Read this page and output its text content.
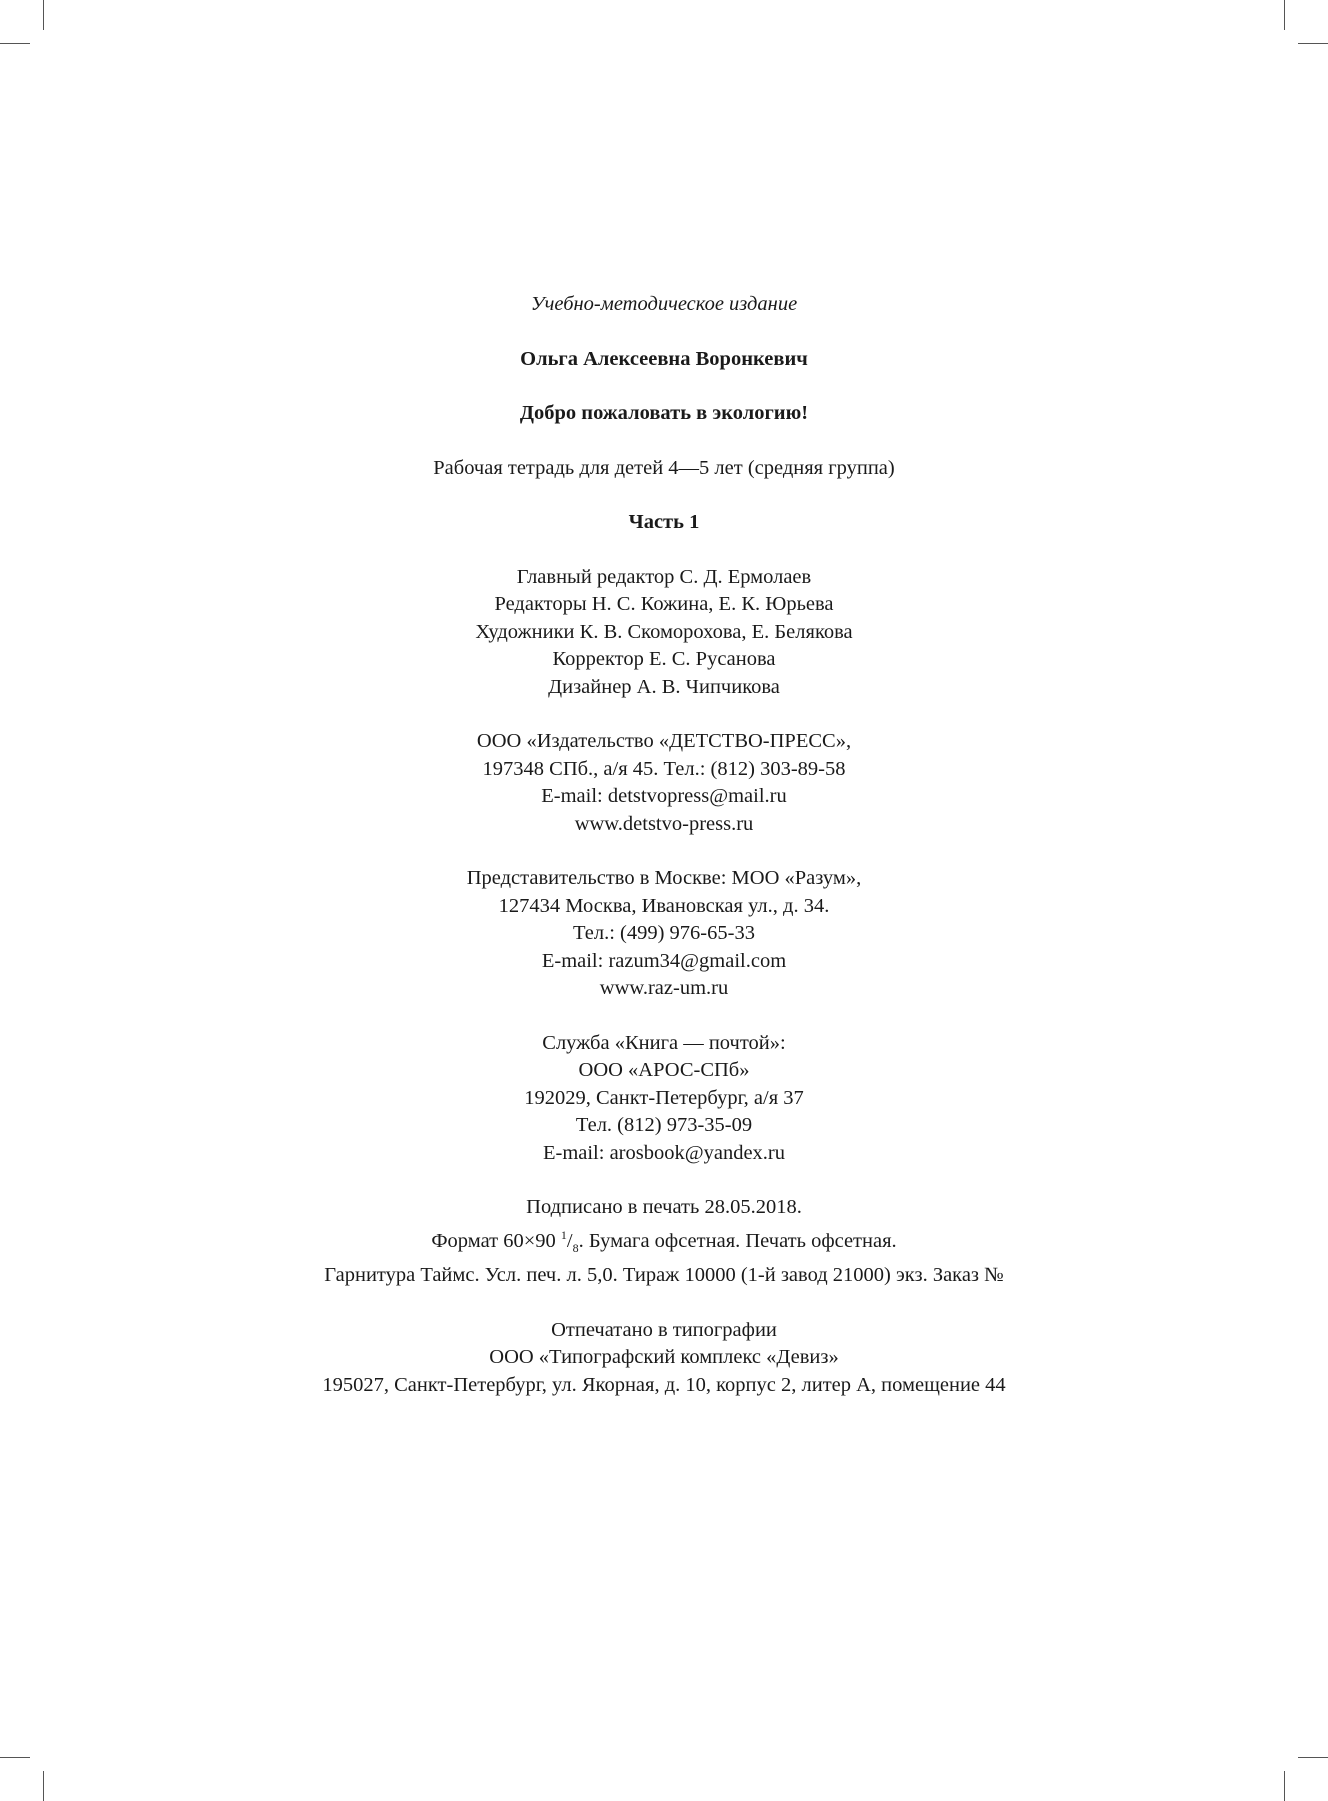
Учебно-методическое издание

Ольга Алексеевна Воронкевич

Добро пожаловать в экологию!

Рабочая тетрадь для детей 4—5 лет (средняя группа)

Часть 1

Главный редактор С. Д. Ермолаев

Редакторы Н. С. Кожина, Е. К. Юрьева

Художники К. В. Скоморохова, Е. Белякова

Корректор Е. С. Русанова

Дизайнер А. В. Чипчикова

ООО «Издательство «ДЕТСТВО-ПРЕСС»,

197348 СПб., а/я 45. Тел.: (812) 303-89-58

E-mail: detstvopress@mail.ru

www.detstvo-press.ru

Представительство в Москве: МОО «Разум»,

127434 Москва, Ивановская ул., д. 34.

Тел.: (499) 976-65-33

E-mail: razum34@gmail.com

www.raz-um.ru

Служба «Книга — почтой»:

ООО «АРОС-СПб»

192029, Санкт-Петербург, а/я 37

Тел. (812) 973-35-09

E-mail: arosbook@yandex.ru

Подписано в печать 28.05.2018.

Формат 60×90 $^1/_8$. Бумага офсетная. Печать офсетная.

Гарнитура Таймс. Усл. печ. л. 5,0. Тираж 10000 (1-й завод 21000) экз. Заказ №

Отпечатано в типографии

ООО «Типографский комплекс «Девиз»

195027, Санкт-Петербург, ул. Якорная, д. 10, корпус 2, литер А, помещение 44
